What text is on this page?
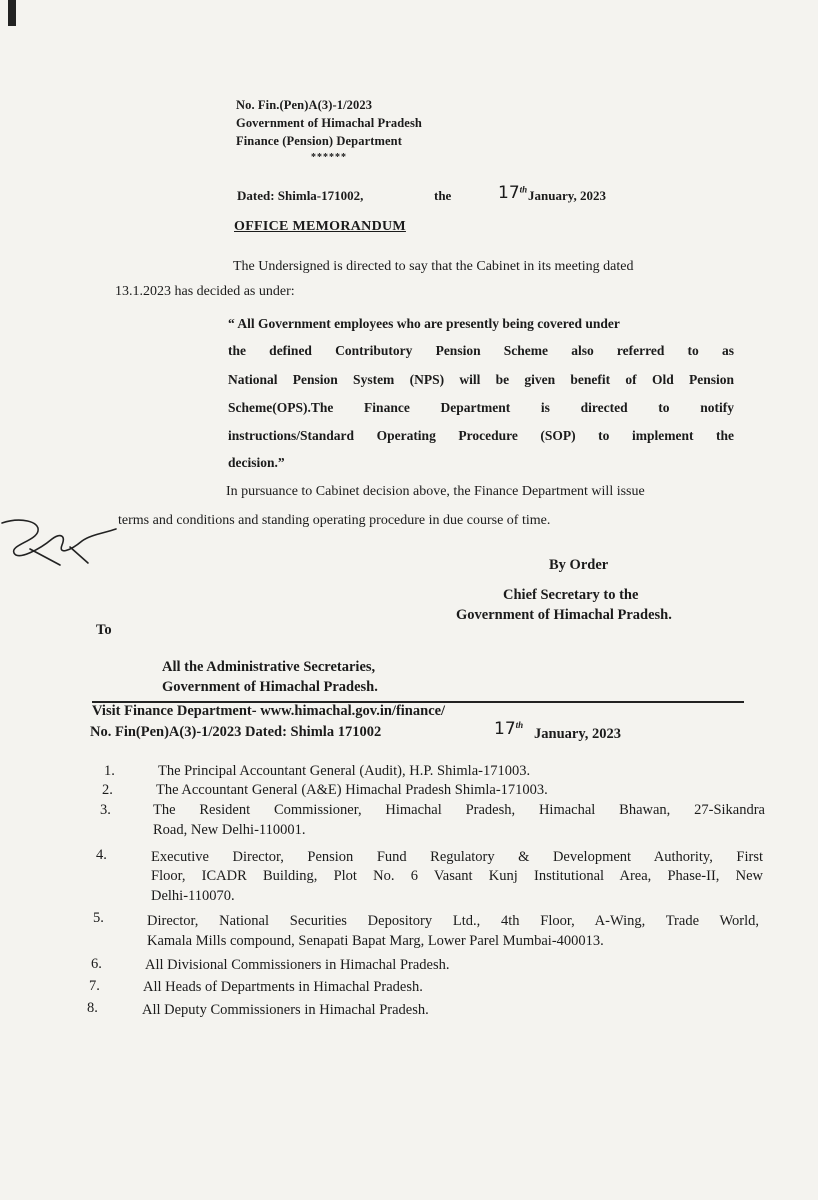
No. Fin.(Pen)A(3)-1/2023
Government of Himachal Pradesh
Finance (Pension) Department
******
Dated: Shimla-171002,	the	17th January, 2023
OFFICE MEMORANDUM
The Undersigned is directed to say that the Cabinet in its meeting dated
13.1.2023 has decided as under:
“ All Government employees who are presently being covered under
the defined Contributory Pension Scheme also referred to as
National Pension System (NPS) will be given benefit of Old Pension
Scheme(OPS).The Finance Department is directed to notify
instructions/Standard Operating Procedure (SOP) to implement the
decision.”
In pursuance to Cabinet decision above, the Finance Department will issue
terms and conditions and standing operating procedure in due course of time.
By Order
Chief Secretary to the
Government of Himachal Pradesh.
To
All the Administrative Secretaries,
Government of Himachal Pradesh.
Visit Finance Department- www.himachal.gov.in/finance/
No. Fin(Pen)A(3)-1/2023 Dated: Shimla 171002	17th
January, 2023
1.	The Principal Accountant General (Audit), H.P. Shimla-171003.
2.	The Accountant General (A&E) Himachal Pradesh Shimla-171003.
3.	The Resident Commissioner, Himachal Pradesh, Himachal Bhawan, 27-Sikandra
Road, New Delhi-110001.
4.	Executive Director, Pension Fund Regulatory & Development Authority, First
Floor, ICADR Building, Plot No. 6 Vasant Kunj Institutional Area, Phase-II, New
Delhi-110070.
5.	Director, National Securities Depository Ltd., 4th Floor, A-Wing, Trade World,
Kamala Mills compound, Senapati Bapat Marg, Lower Parel Mumbai-400013.
6.	All Divisional Commissioners in Himachal Pradesh.
7.	All Heads of Departments in Himachal Pradesh.
8.	All Deputy Commissioners in Himachal Pradesh.
